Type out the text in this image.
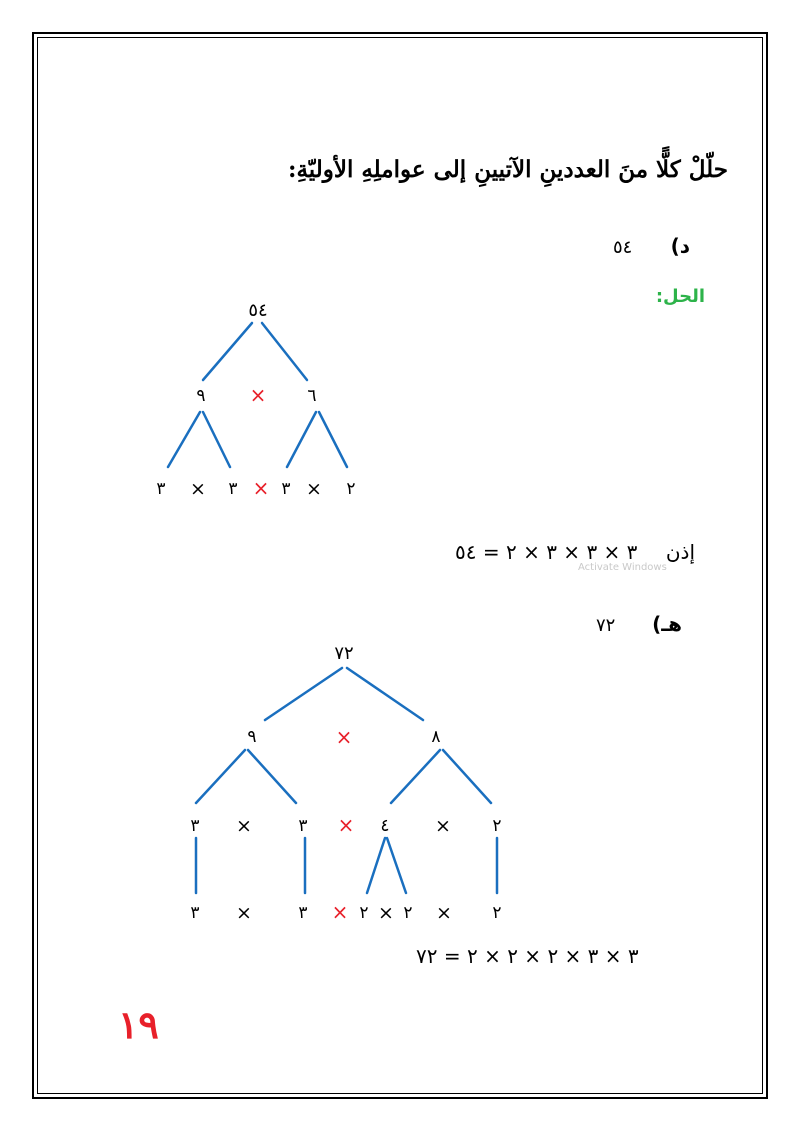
حلّلْ كلًّا منَ العددينِ الآتيينِ إلى عواملِهِ الأوليّةِ:
د)
٥٤
الحل:
٥٤
٩ × ٦
٣ × ٣ × ٣ × ٢
٧٢
٩	×	٨
٣ ×	٣ × ٤ × ٢
٣ ×	٣ × ٢ × ٢ × ٢
إذن
٣ × ٣ × ٣ × ٢ = ٥٤
Activate Windows
هـ)
٧٢
٣ × ٣ × ٢ × ٢ × ٢ = ٧٢
١٩
